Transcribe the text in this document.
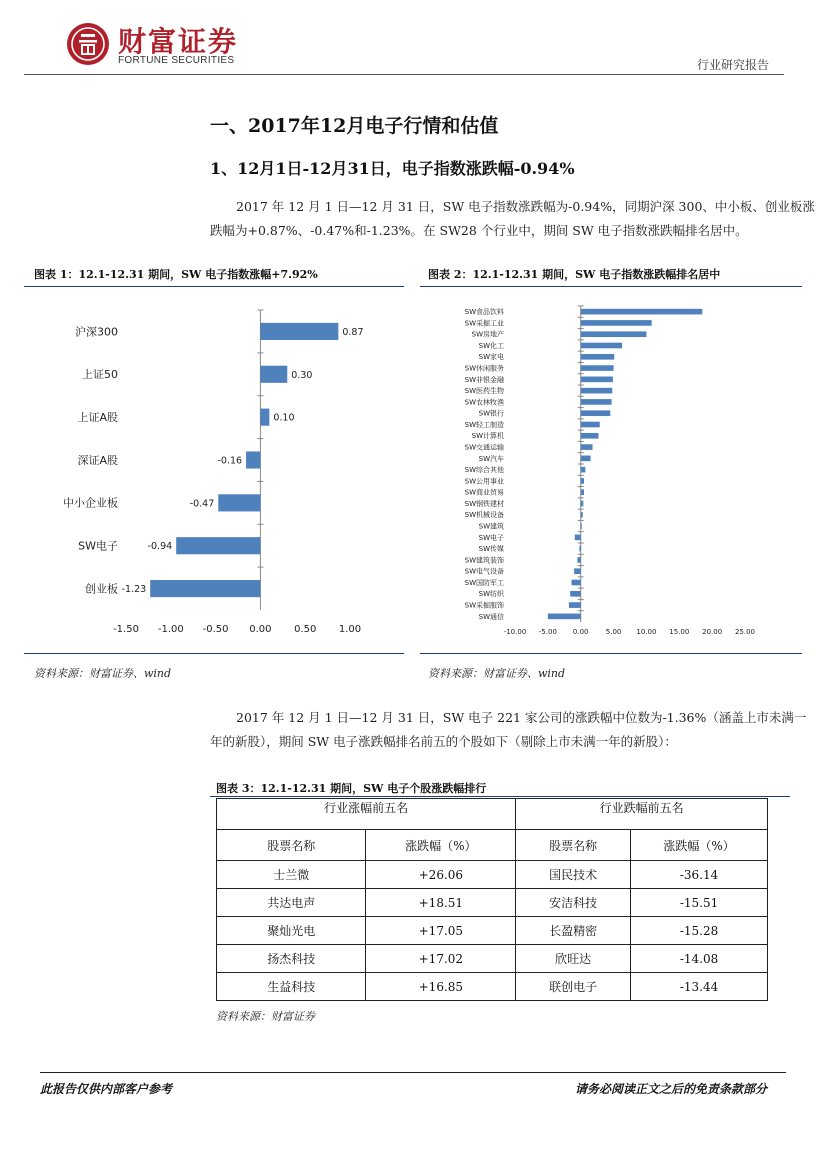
财富证券
FORTUNE SECURITIES	行业研究报告
一、2017年12月电子行情和估值
1、12月1日-12月31日，电子指数涨跌幅-0.94%
2017 年 12 月 1 日—12 月 31 日，SW 电子指数涨跌幅为-0.94%，同期沪深 300、中小板、创业板涨
跌幅为+0.87%、-0.47%和-1.23%。在 SW28 个行业中，期间 SW 电子指数涨跌幅排名居中。
图表 1：12.1-12.31 期间，SW 电子指数涨幅+7.92%	图表 2：12.1-12.31 期间，SW 电子指数涨跌幅排名居中
沪深300	0.87
上证50	0.30
上证A股	0.10
深证A股	-0.16
中小企业板	-0.47
SW电子	-0.94
创业板 -1.23
-1.50 -1.00 -0.50 0.00 0.50 1.00
SW食品饮料
SW采掘工业
SW房地产
SW化工
SW家电
SW休闲服务
SW非银金融
SW医药生物
SW农林牧渔
SW银行
SW轻工制造
SW计算机
SW交通运输
SW汽车
SW综合其他
SW公用事业
SW商业贸易
SW钢铁建材
SW机械设备
SW建筑
SW电子
SW传媒
SW建筑装饰
SW电气设备
SW国防军工
SW纺织
SW采掘服饰
SW通信
-10.00 -5.00 0.00 5.00 10.00 15.00 20.00 25.00
资料来源：财富证券、wind	资料来源：财富证券、wind
2017 年 12 月 1 日—12 月 31 日，SW 电子 221 家公司的涨跌幅中位数为-1.36%（涵盖上市未满一
年的新股），期间 SW 电子涨跌幅排名前五的个股如下（剔除上市未满一年的新股）：
图表 3：12.1-12.31 期间，SW 电子个股涨跌幅排行
行业涨幅前五名		行业跌幅前五名	
股票名称	涨跌幅（%）	股票名称	涨跌幅（%）
士兰微	+26.06	国民技术	-36.14
共达电声	+18.51	安洁科技	-15.51
聚灿光电	+17.05	长盈精密	-15.28
扬杰科技	+17.02	欣旺达	-14.08
生益科技	+16.85	联创电子	-13.44
资料来源：财富证券
此报告仅供内部客户参考	请务必阅读正文之后的免责条款部分
